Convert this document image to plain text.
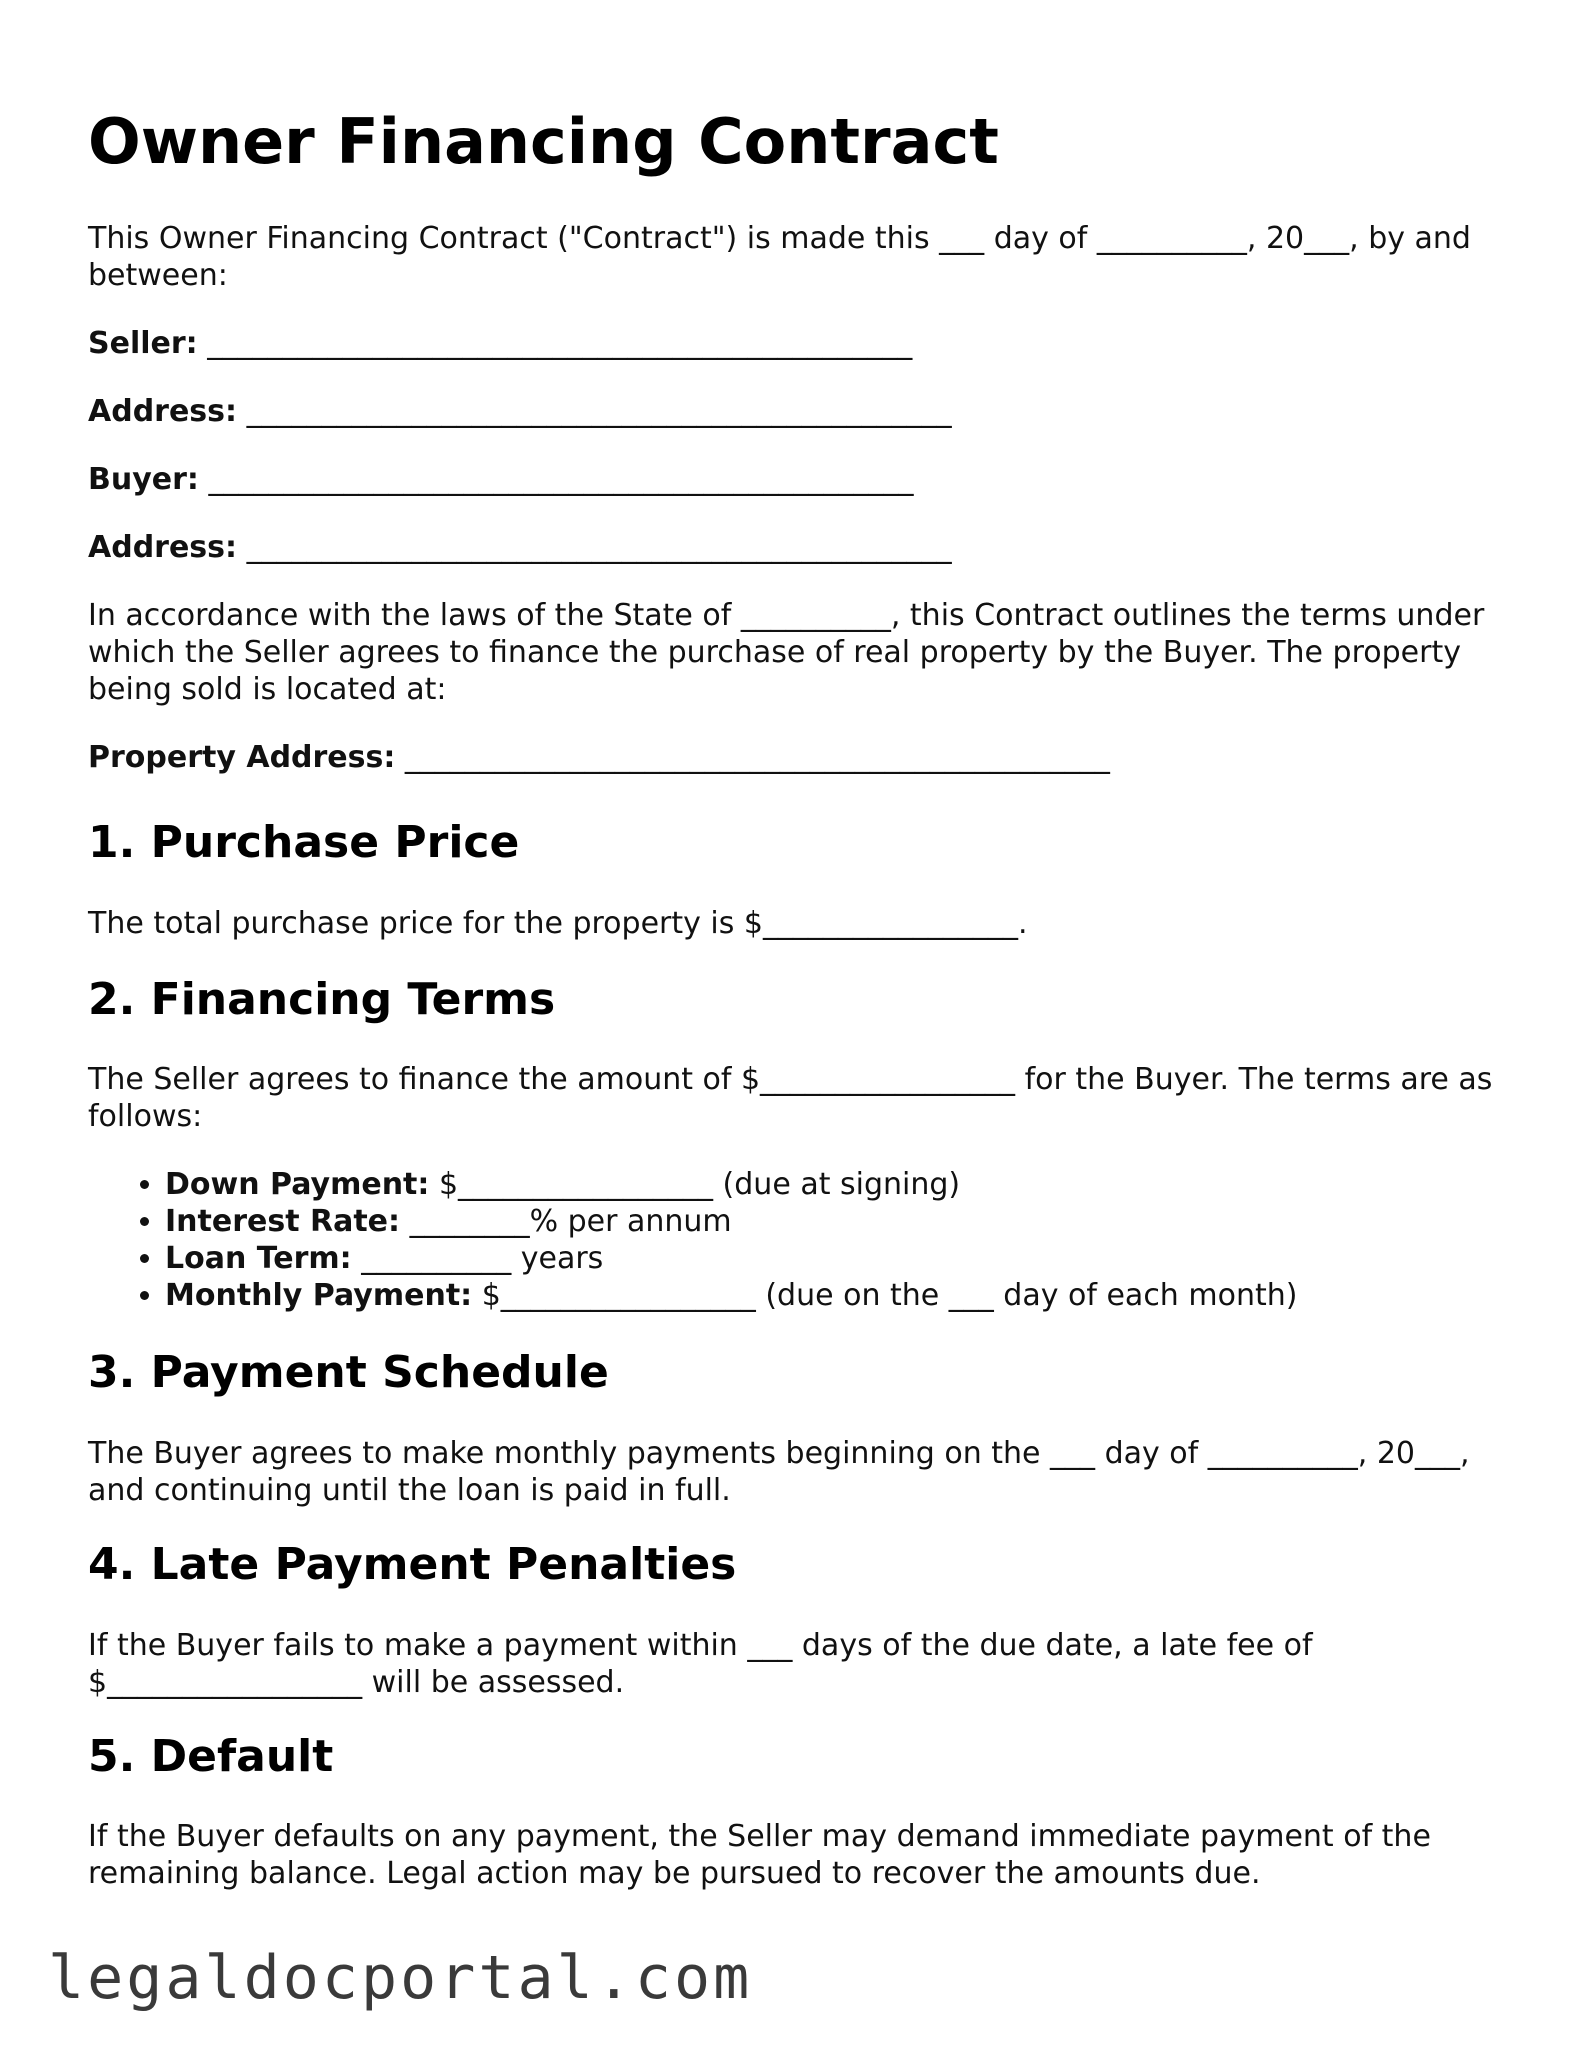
Owner Financing Contract

This Owner Financing Contract ("Contract") is made this ___ day of __________, 20___, by and between:

Seller: _______________________________________________
Address: _______________________________________________
Buyer: _______________________________________________
Address: _______________________________________________

In accordance with the laws of the State of __________, this Contract outlines the terms under which the Seller agrees to finance the purchase of real property by the Buyer. The property being sold is located at:

Property Address: _______________________________________________
1. Purchase Price

The total purchase price for the property is $_________________.

2. Financing Terms

The Seller agrees to finance the amount of $_________________ for the Buyer. The terms are as follows:

• Down Payment: $_________________ (due at signing)
• Interest Rate: ________% per annum
• Loan Term: __________ years
• Monthly Payment: $_________________ (due on the ___ day of each month)
3. Payment Schedule

The Buyer agrees to make monthly payments beginning on the ___ day of __________, 20___, and continuing until the loan is paid in full.

4. Late Payment Penalties

If the Buyer fails to make a payment within ___ days of the due date, a late fee of $_________________ will be assessed.

5. Default

If the Buyer defaults on any payment, the Seller may demand immediate payment of the remaining balance. Legal action may be pursued to recover the amounts due.

legaldocportal.com
